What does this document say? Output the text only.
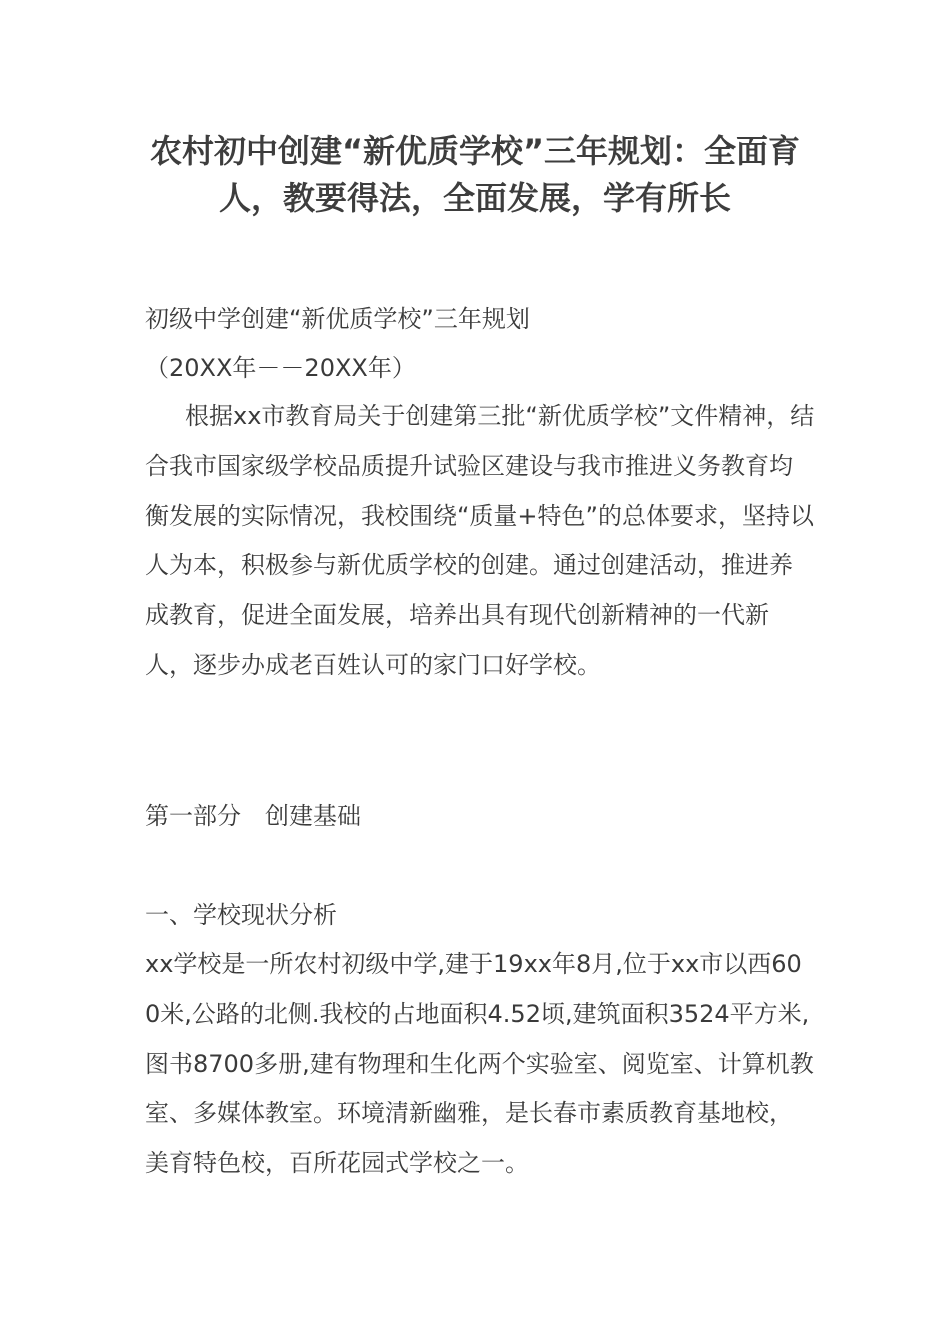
农村初中创建“新优质学校”三年规划：全面育人，教要得法，全面发展，学有所长

初级中学创建“新优质学校”三年规划

（20XX年－－20XX年）

根据xx市教育局关于创建第三批“新优质学校”文件精神，结合我市国家级学校品质提升试验区建设与我市推进义务教育均衡发展的实际情况，我校围绕“质量+特色”的总体要求，坚持以人为本，积极参与新优质学校的创建。通过创建活动，推进养成教育，促进全面发展，培养出具有现代创新精神的一代新人，逐步办成老百姓认可的家门口好学校。

第一部分　创建基础

一、学校现状分析

xx学校是一所农村初级中学,建于19xx年8月,位于xx市以西600米,公路的北侧.我校的占地面积4.52顷,建筑面积3524平方米,图书8700多册,建有物理和生化两个实验室、阅览室、计算机教室、多媒体教室。环境清新幽雅，是长春市素质教育基地校，美育特色校，百所花园式学校之一。
